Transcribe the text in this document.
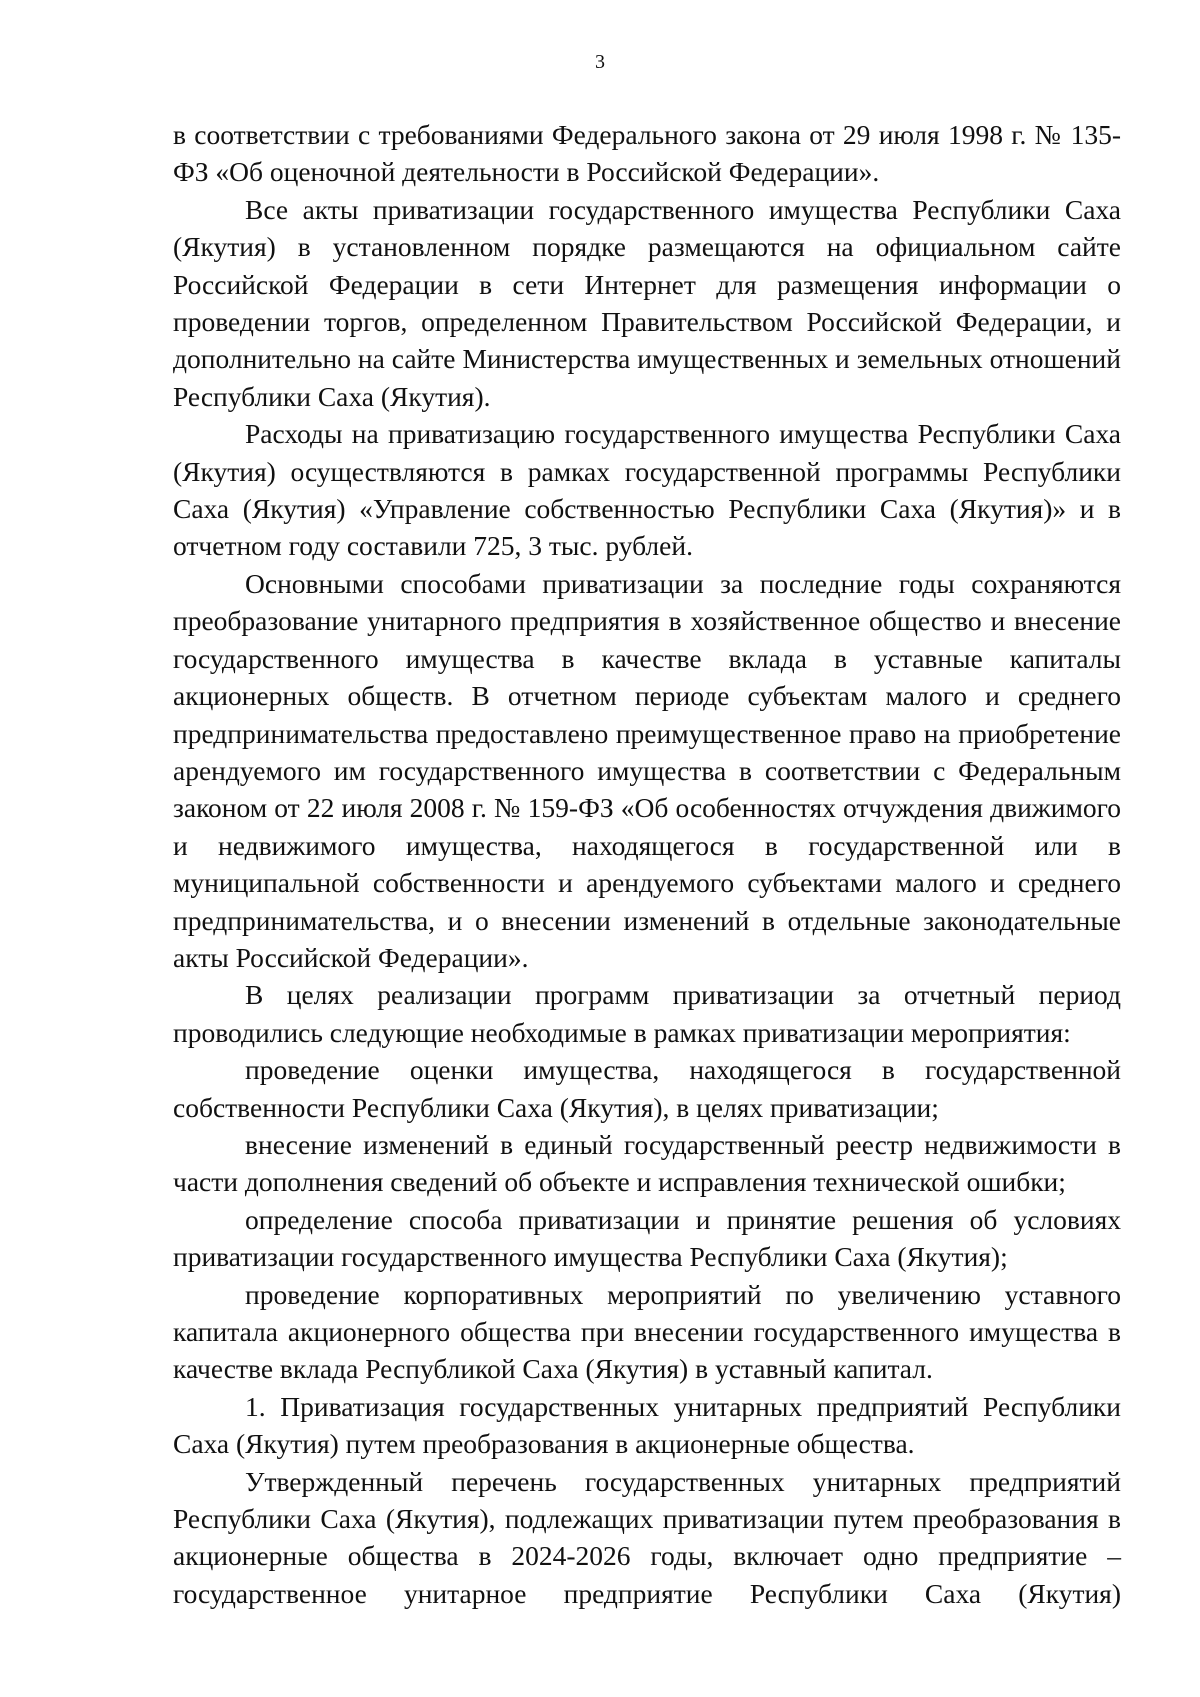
3

в соответствии с требованиями Федерального закона от 29 июля 1998 г. № 135-ФЗ «Об оценочной деятельности в Российской Федерации».

Все акты приватизации государственного имущества Республики Саха (Якутия) в установленном порядке размещаются на официальном сайте Российской Федерации в сети Интернет для размещения информации о проведении торгов, определенном Правительством Российской Федерации, и дополнительно на сайте Министерства имущественных и земельных отношений Республики Саха (Якутия).

Расходы на приватизацию государственного имущества Республики Саха (Якутия) осуществляются в рамках государственной программы Республики Саха (Якутия) «Управление собственностью Республики Саха (Якутия)» и в отчетном году составили 725, 3 тыс. рублей.

Основными способами приватизации за последние годы сохраняются преобразование унитарного предприятия в хозяйственное общество и внесение государственного имущества в качестве вклада в уставные капиталы акционерных обществ. В отчетном периоде субъектам малого и среднего предпринимательства предоставлено преимущественное право на приобретение арендуемого им государственного имущества в соответствии с Федеральным законом от 22 июля 2008 г. № 159-ФЗ «Об особенностях отчуждения движимого и недвижимого имущества, находящегося в государственной или в муниципальной собственности и арендуемого субъектами малого и среднего предпринимательства, и о внесении изменений в отдельные законодательные акты Российской Федерации».

В целях реализации программ приватизации за отчетный период проводились следующие необходимые в рамках приватизации мероприятия:

проведение оценки имущества, находящегося в государственной собственности Республики Саха (Якутия), в целях приватизации;

внесение изменений в единый государственный реестр недвижимости в части дополнения сведений об объекте и исправления технической ошибки;

определение способа приватизации и принятие решения об условиях приватизации государственного имущества Республики Саха (Якутия);

проведение корпоративных мероприятий по увеличению уставного капитала акционерного общества при внесении государственного имущества в качестве вклада Республикой Саха (Якутия) в уставный капитал.

1. Приватизация государственных унитарных предприятий Республики Саха (Якутия) путем преобразования в акционерные общества.

Утвержденный перечень государственных унитарных предприятий Республики Саха (Якутия), подлежащих приватизации путем преобразования в акционерные общества в 2024-2026 годы, включает одно предприятие – государственное унитарное предприятие Республики Саха (Якутия)
